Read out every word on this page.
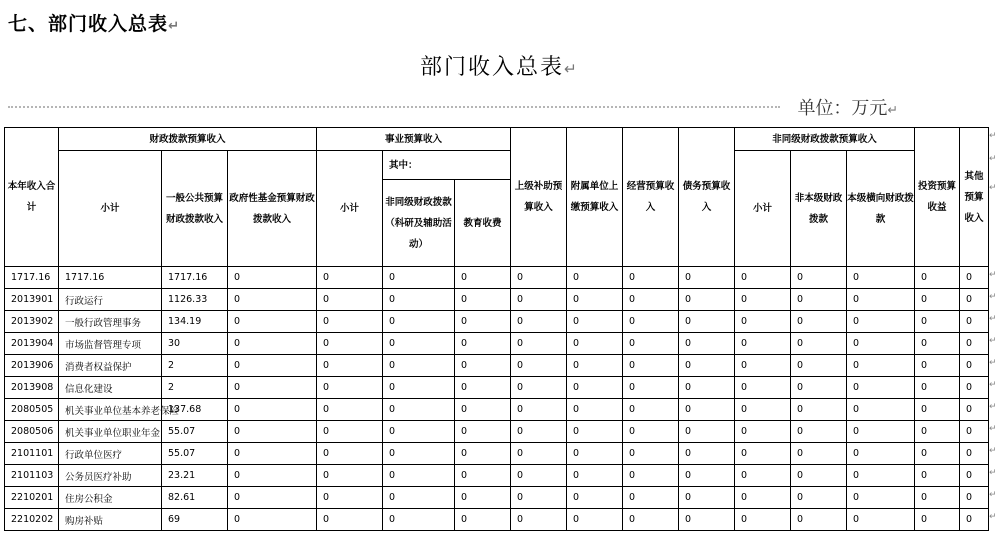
七、部门收入总表↵
部门收入总表↵
单位：万元↵
本年收入合计	财政拨款预算收入			事业预算收入			上级补助预算收入	附属单位上缴预算收入	经营预算收入	债务预算收入	非同级财政拨款预算收入			投资预算收益	其他预算收入
	小计	一般公共预算财政拨款收入	政府性基金预算财政拨款收入	小计	其中：						小计	非本级财政拨款	本级横向财政拨款		
					非同级财政拨款（科研及辅助活动）	教育收费									
1717.16	1717.16	1717.16	0	0	0	0	0	0	0	0	0	0	0	0	0
2013901	行政运行	1126.33	0	0	0	0	0	0	0	0	0	0	0	0	0
2013902	一般行政管理事务	134.19	0	0	0	0	0	0	0	0	0	0	0	0	0
2013904	市场监督管理专项	30	0	0	0	0	0	0	0	0	0	0	0	0	0
2013906	消费者权益保护	2	0	0	0	0	0	0	0	0	0	0	0	0	0
2013908	信息化建设	2	0	0	0	0	0	0	0	0	0	0	0	0	0
2080505	机关事业单位基本养老保险	137.68	0	0	0	0	0	0	0	0	0	0	0	0	0
2080506	机关事业单位职业年金	55.07	0	0	0	0	0	0	0	0	0	0	0	0	0
2101101	行政单位医疗	55.07	0	0	0	0	0	0	0	0	0	0	0	0	0
2101103	公务员医疗补助	23.21	0	0	0	0	0	0	0	0	0	0	0	0	0
2210201	住房公积金	82.61	0	0	0	0	0	0	0	0	0	0	0	0	0
2210202	购房补贴	69	0	0	0	0	0	0	0	0	0	0	0	0	0
↵
↵
↵
↵
↵
↵
↵
↵
↵
↵
↵
↵
↵
↵
↵
